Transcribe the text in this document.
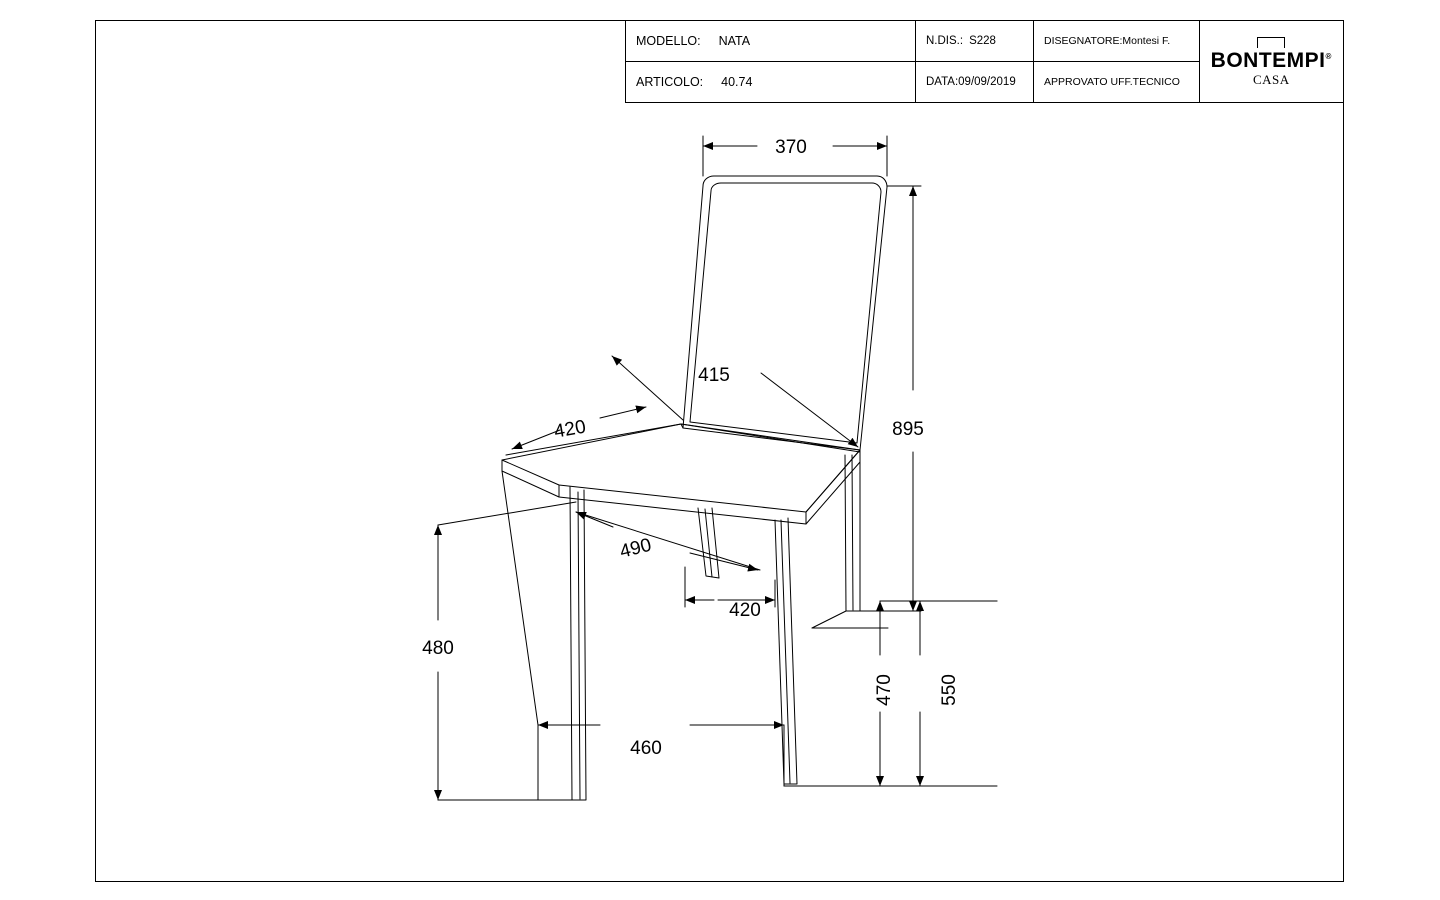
370
895
415
420
490
420
480
460
470 550
MODELLO: NATA	N.DIS.: S228	DISEGNATORE:Montesi F.
ARTICOLO: 40.74	DATA:09/09/2019	APPROVATO UFF.TECNICO
BONTEMPI®
CASA
